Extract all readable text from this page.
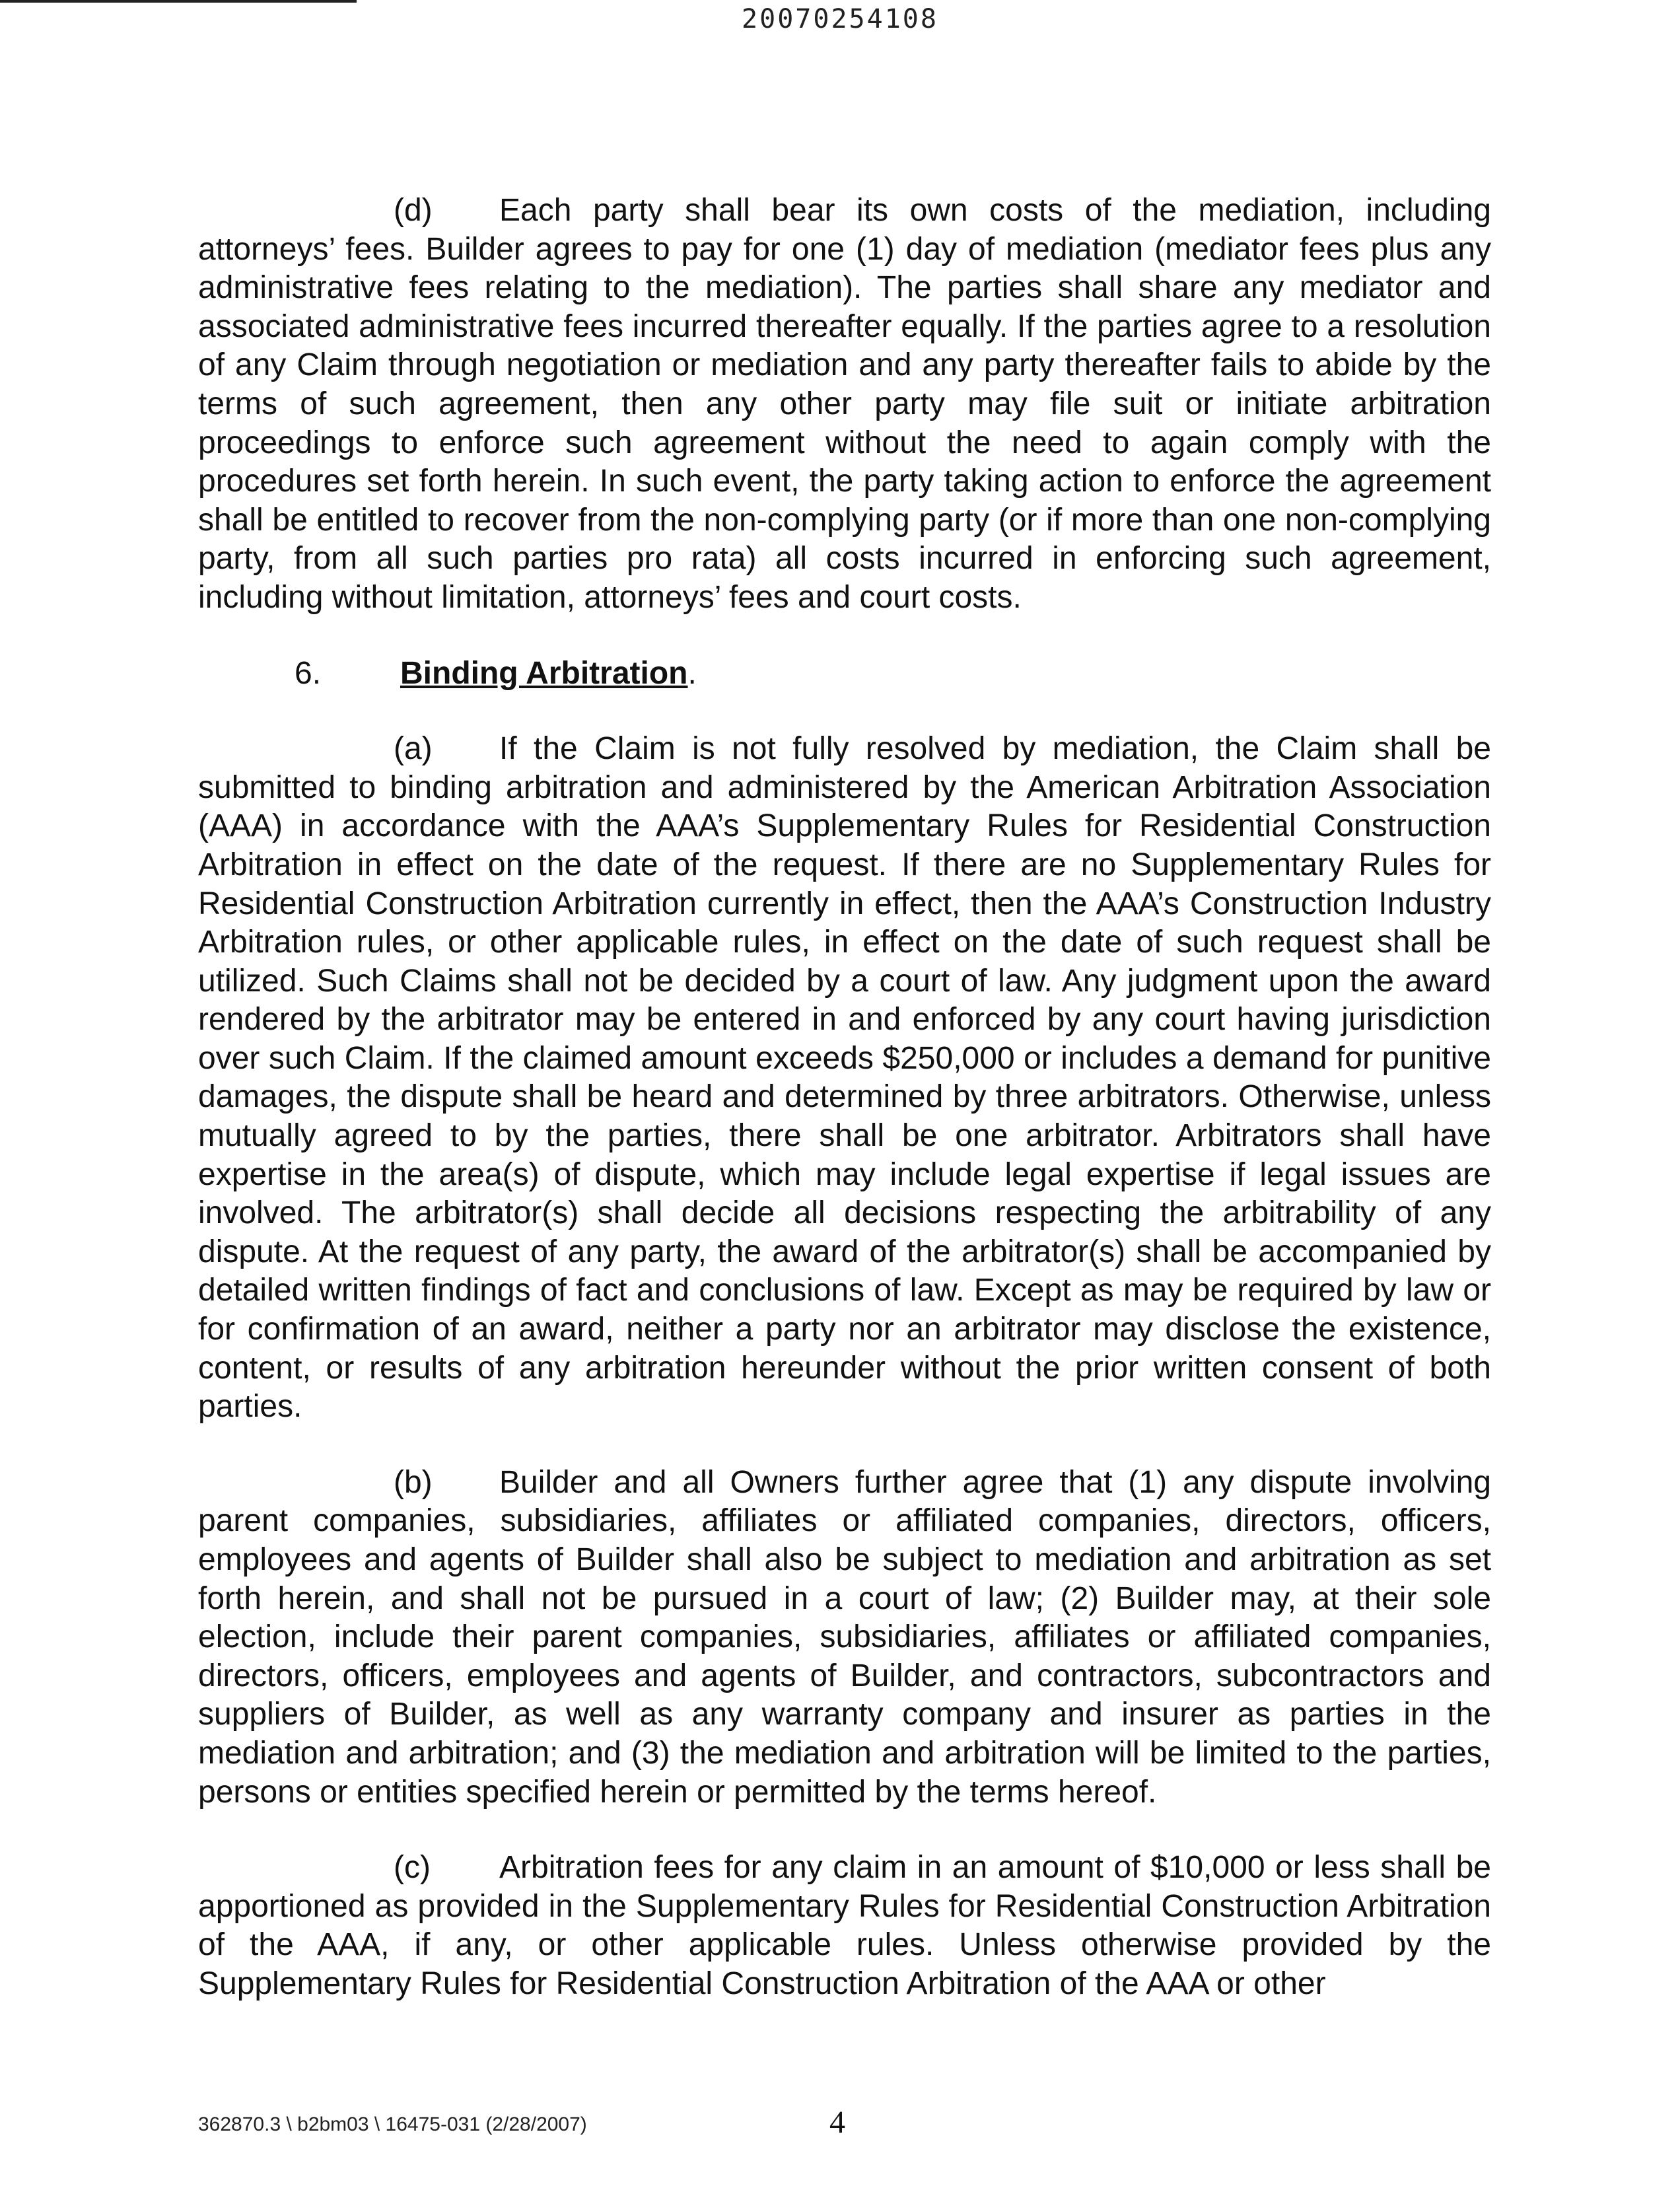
20070254108

(d) Each party shall bear its own costs of the mediation, including attorneys’ fees. Builder agrees to pay for one (1) day of mediation (mediator fees plus any administrative fees relating to the mediation). The parties shall share any mediator and associated administrative fees incurred thereafter equally. If the parties agree to a resolution of any Claim through negotiation or mediation and any party thereafter fails to abide by the terms of such agreement, then any other party may file suit or initiate arbitration proceedings to enforce such agreement without the need to again comply with the procedures set forth herein. In such event, the party taking action to enforce the agreement shall be entitled to recover from the non-complying party (or if more than one non-complying party, from all such parties pro rata) all costs incurred in enforcing such agreement, including without limitation, attorneys’ fees and court costs.

6. Binding Arbitration.

(a) If the Claim is not fully resolved by mediation, the Claim shall be submitted to binding arbitration and administered by the American Arbitration Association (AAA) in accordance with the AAA’s Supplementary Rules for Residential Construction Arbitration in effect on the date of the request. If there are no Supplementary Rules for Residential Construction Arbitration currently in effect, then the AAA’s Construction Industry Arbitration rules, or other applicable rules, in effect on the date of such request shall be utilized. Such Claims shall not be decided by a court of law. Any judgment upon the award rendered by the arbitrator may be entered in and enforced by any court having jurisdiction over such Claim. If the claimed amount exceeds $250,000 or includes a demand for punitive damages, the dispute shall be heard and determined by three arbitrators. Otherwise, unless mutually agreed to by the parties, there shall be one arbitrator. Arbitrators shall have expertise in the area(s) of dispute, which may include legal expertise if legal issues are involved. The arbitrator(s) shall decide all decisions respecting the arbitrability of any dispute. At the request of any party, the award of the arbitrator(s) shall be accompanied by detailed written findings of fact and conclusions of law. Except as may be required by law or for confirmation of an award, neither a party nor an arbitrator may disclose the existence, content, or results of any arbitration hereunder without the prior written consent of both parties.

(b) Builder and all Owners further agree that (1) any dispute involving parent companies, subsidiaries, affiliates or affiliated companies, directors, officers, employees and agents of Builder shall also be subject to mediation and arbitration as set forth herein, and shall not be pursued in a court of law; (2) Builder may, at their sole election, include their parent companies, subsidiaries, affiliates or affiliated companies, directors, officers, employees and agents of Builder, and contractors, subcontractors and suppliers of Builder, as well as any warranty company and insurer as parties in the mediation and arbitration; and (3) the mediation and arbitration will be limited to the parties, persons or entities specified herein or permitted by the terms hereof.

(c) Arbitration fees for any claim in an amount of $10,000 or less shall be apportioned as provided in the Supplementary Rules for Residential Construction Arbitration of the AAA, if any, or other applicable rules. Unless otherwise provided by the Supplementary Rules for Residential Construction Arbitration of the AAA or other

362870.3 \ b2bm03 \ 16475-031 (2/28/2007)	4
